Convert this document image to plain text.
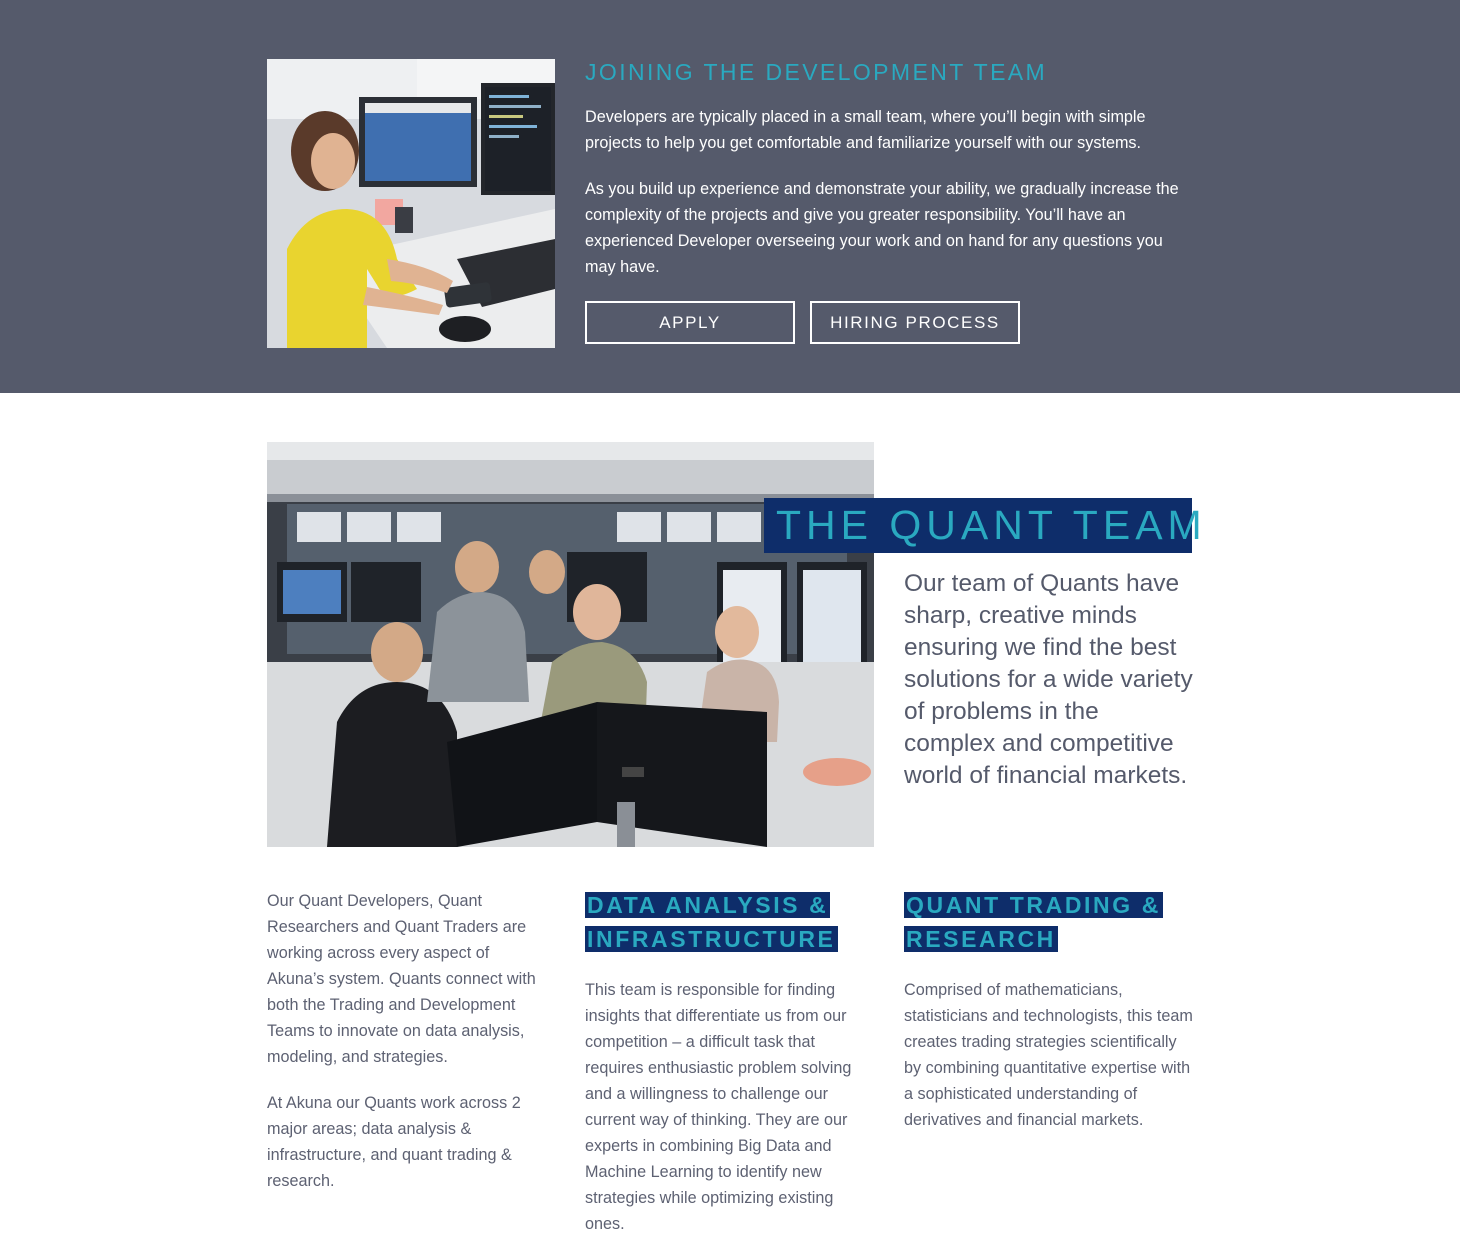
JOINING THE DEVELOPMENT TEAM

Developers are typically placed in a small team, where you’ll begin with simple projects to help you get comfortable and familiarize yourself with our systems.

As you build up experience and demonstrate your ability, we gradually increase the complexity of the projects and give you greater responsibility. You’ll have an experienced Developer overseeing your work and on hand for any questions you may have.

APPLY	HIRING PROCESS
THE QUANT TEAM

Our team of Quants have sharp, creative minds ensuring we find the best solutions for a wide variety of problems in the complex and competitive world of financial markets.

Our Quant Developers, Quant Researchers and Quant Traders are working across every aspect of Akuna’s system. Quants connect with both the Trading and Development Teams to innovate on data analysis, modeling, and strategies.

At Akuna our Quants work across 2 major areas; data analysis & infrastructure, and quant trading & research.

DATA ANALYSIS &
INFRASTRUCTURE

This team is responsible for finding insights that differentiate us from our competition – a difficult task that requires enthusiastic problem solving and a willingness to challenge our current way of thinking. They are our experts in combining Big Data and Machine Learning to identify new strategies while optimizing existing ones.

QUANT TRADING &
RESEARCH

Comprised of mathematicians, statisticians and technologists, this team creates trading strategies scientifically by combining quantitative expertise with a sophisticated understanding of derivatives and financial markets.
